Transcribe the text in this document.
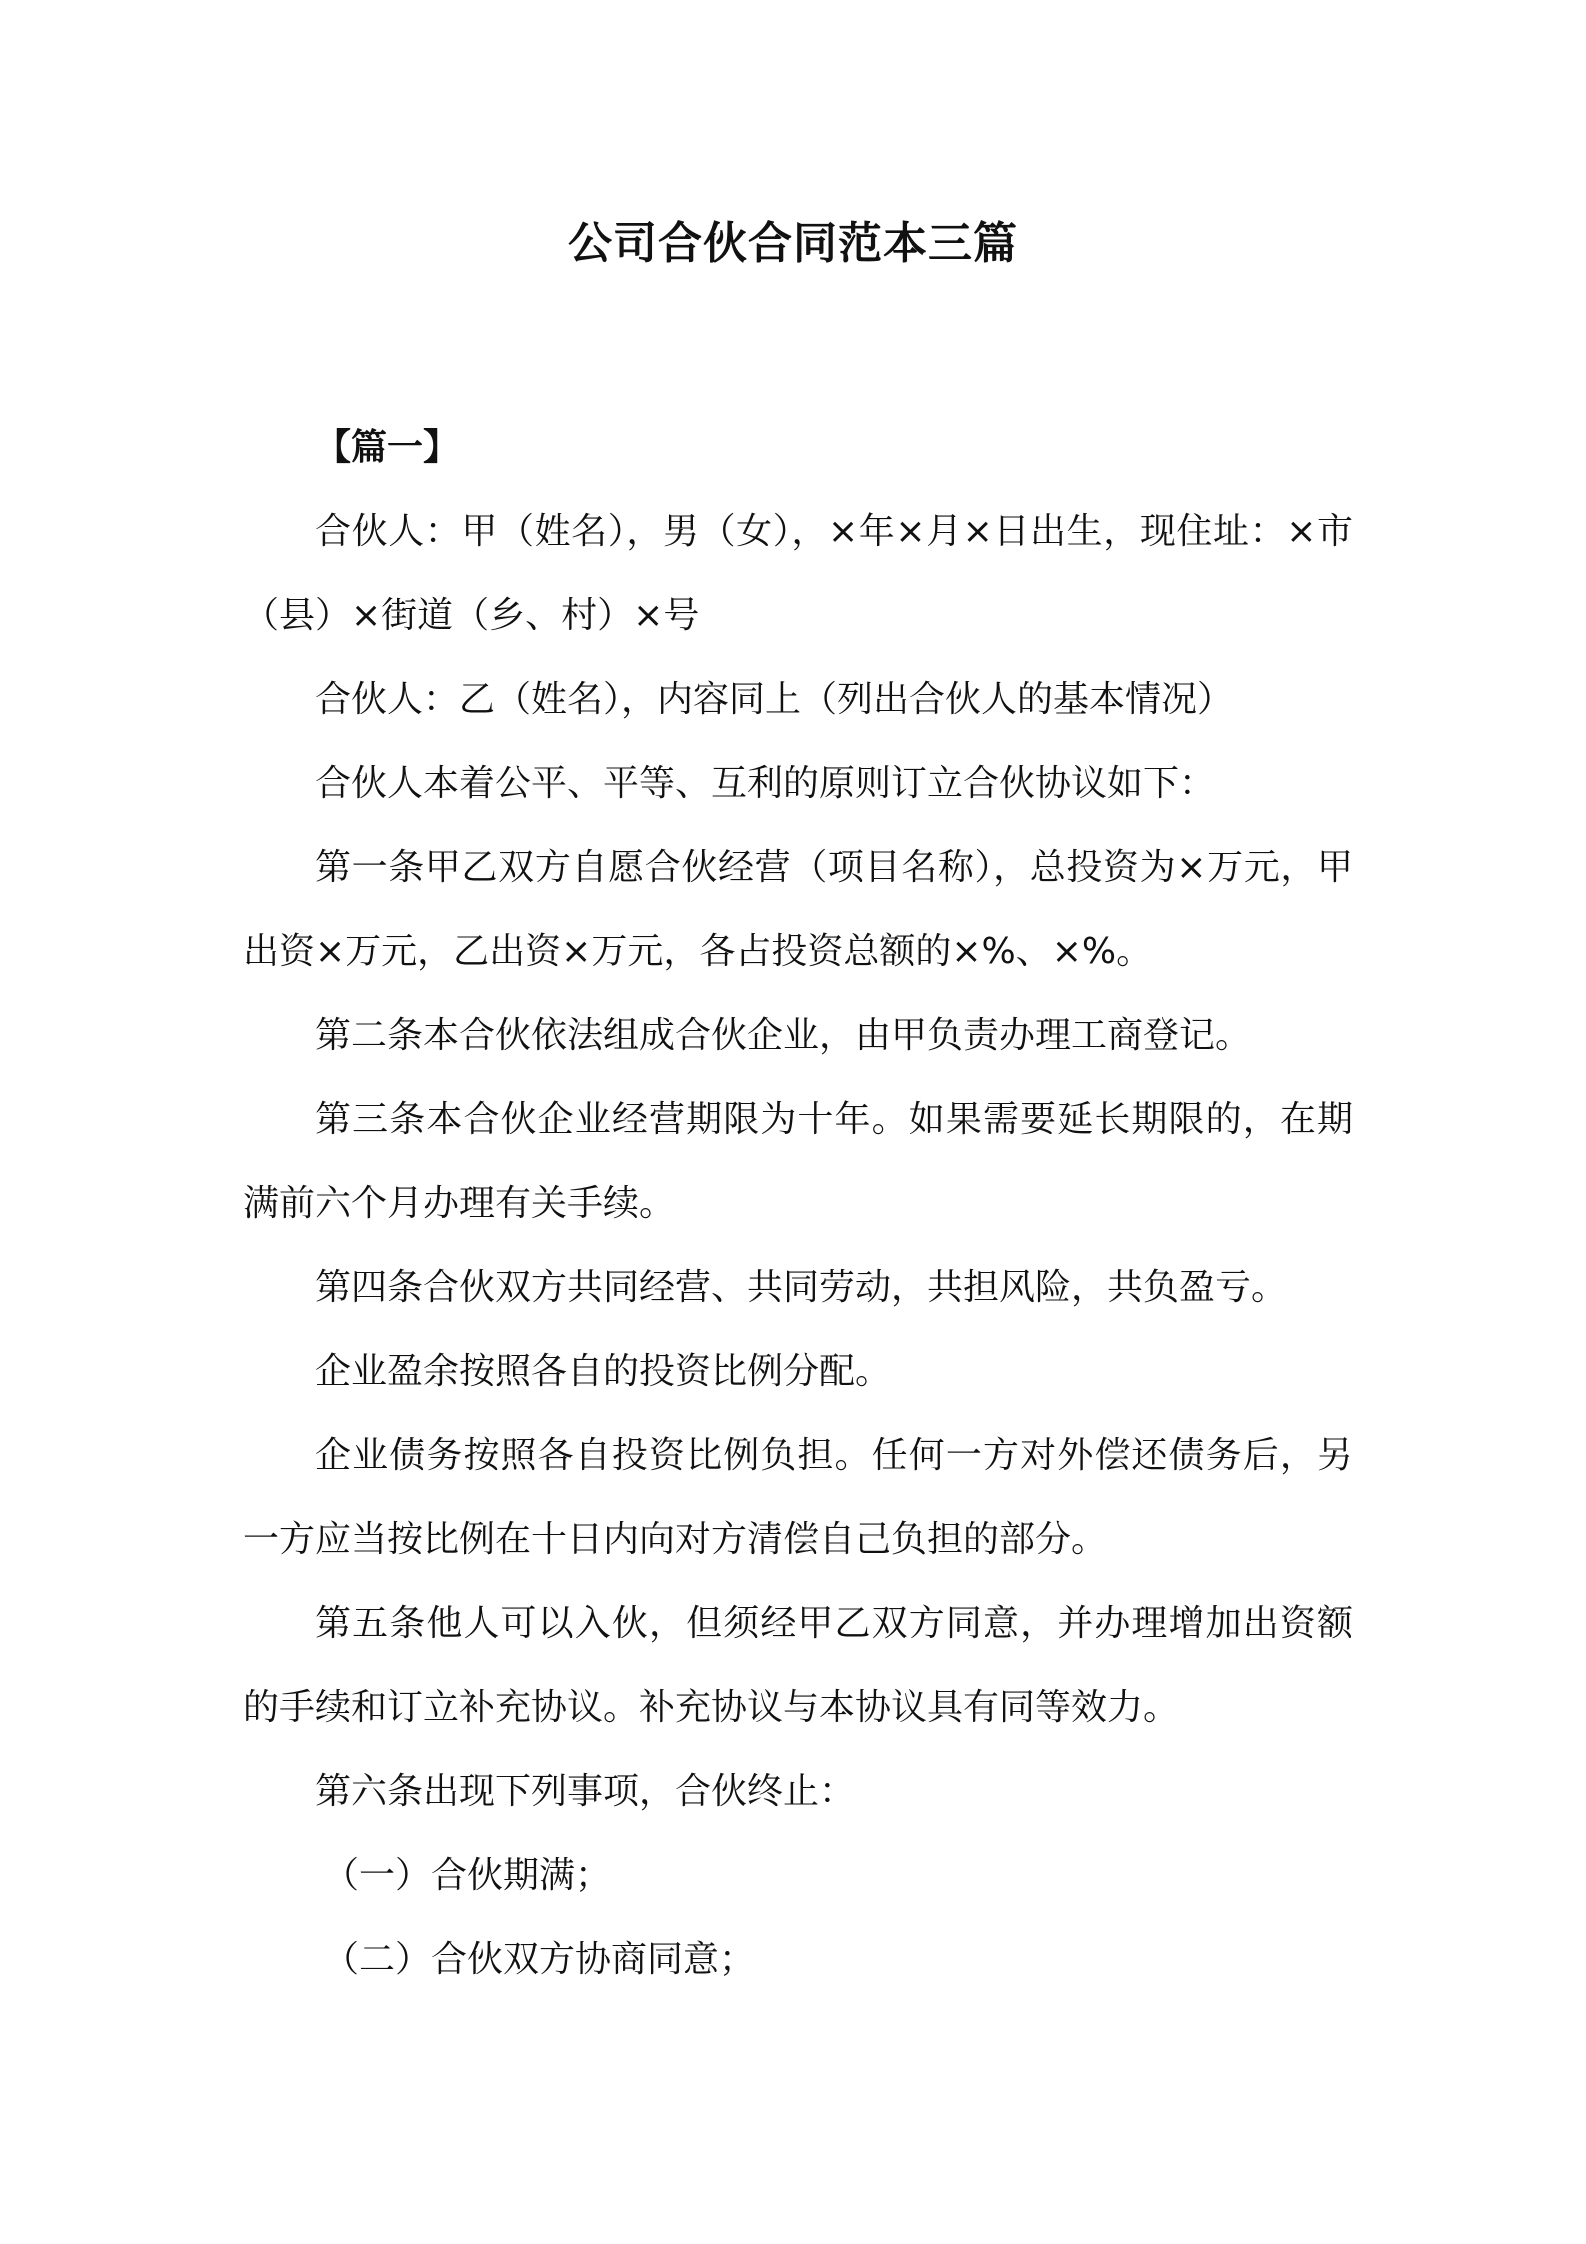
公司合伙合同范本三篇

【篇一】

合伙人：甲（姓名），男（女），×年×月×日出生，现住址：×市（县）×街道（乡、村）×号

合伙人：乙（姓名），内容同上（列出合伙人的基本情况）

合伙人本着公平、平等、互利的原则订立合伙协议如下：

第一条甲乙双方自愿合伙经营（项目名称），总投资为×万元，甲出资×万元，乙出资×万元，各占投资总额的×%、×%。

第二条本合伙依法组成合伙企业，由甲负责办理工商登记。

第三条本合伙企业经营期限为十年。如果需要延长期限的，在期满前六个月办理有关手续。

第四条合伙双方共同经营、共同劳动，共担风险，共负盈亏。

企业盈余按照各自的投资比例分配。

企业债务按照各自投资比例负担。任何一方对外偿还债务后，另一方应当按比例在十日内向对方清偿自己负担的部分。

第五条他人可以入伙，但须经甲乙双方同意，并办理增加出资额的手续和订立补充协议。补充协议与本协议具有同等效力。

第六条出现下列事项，合伙终止：

（一）合伙期满；

（二）合伙双方协商同意；
